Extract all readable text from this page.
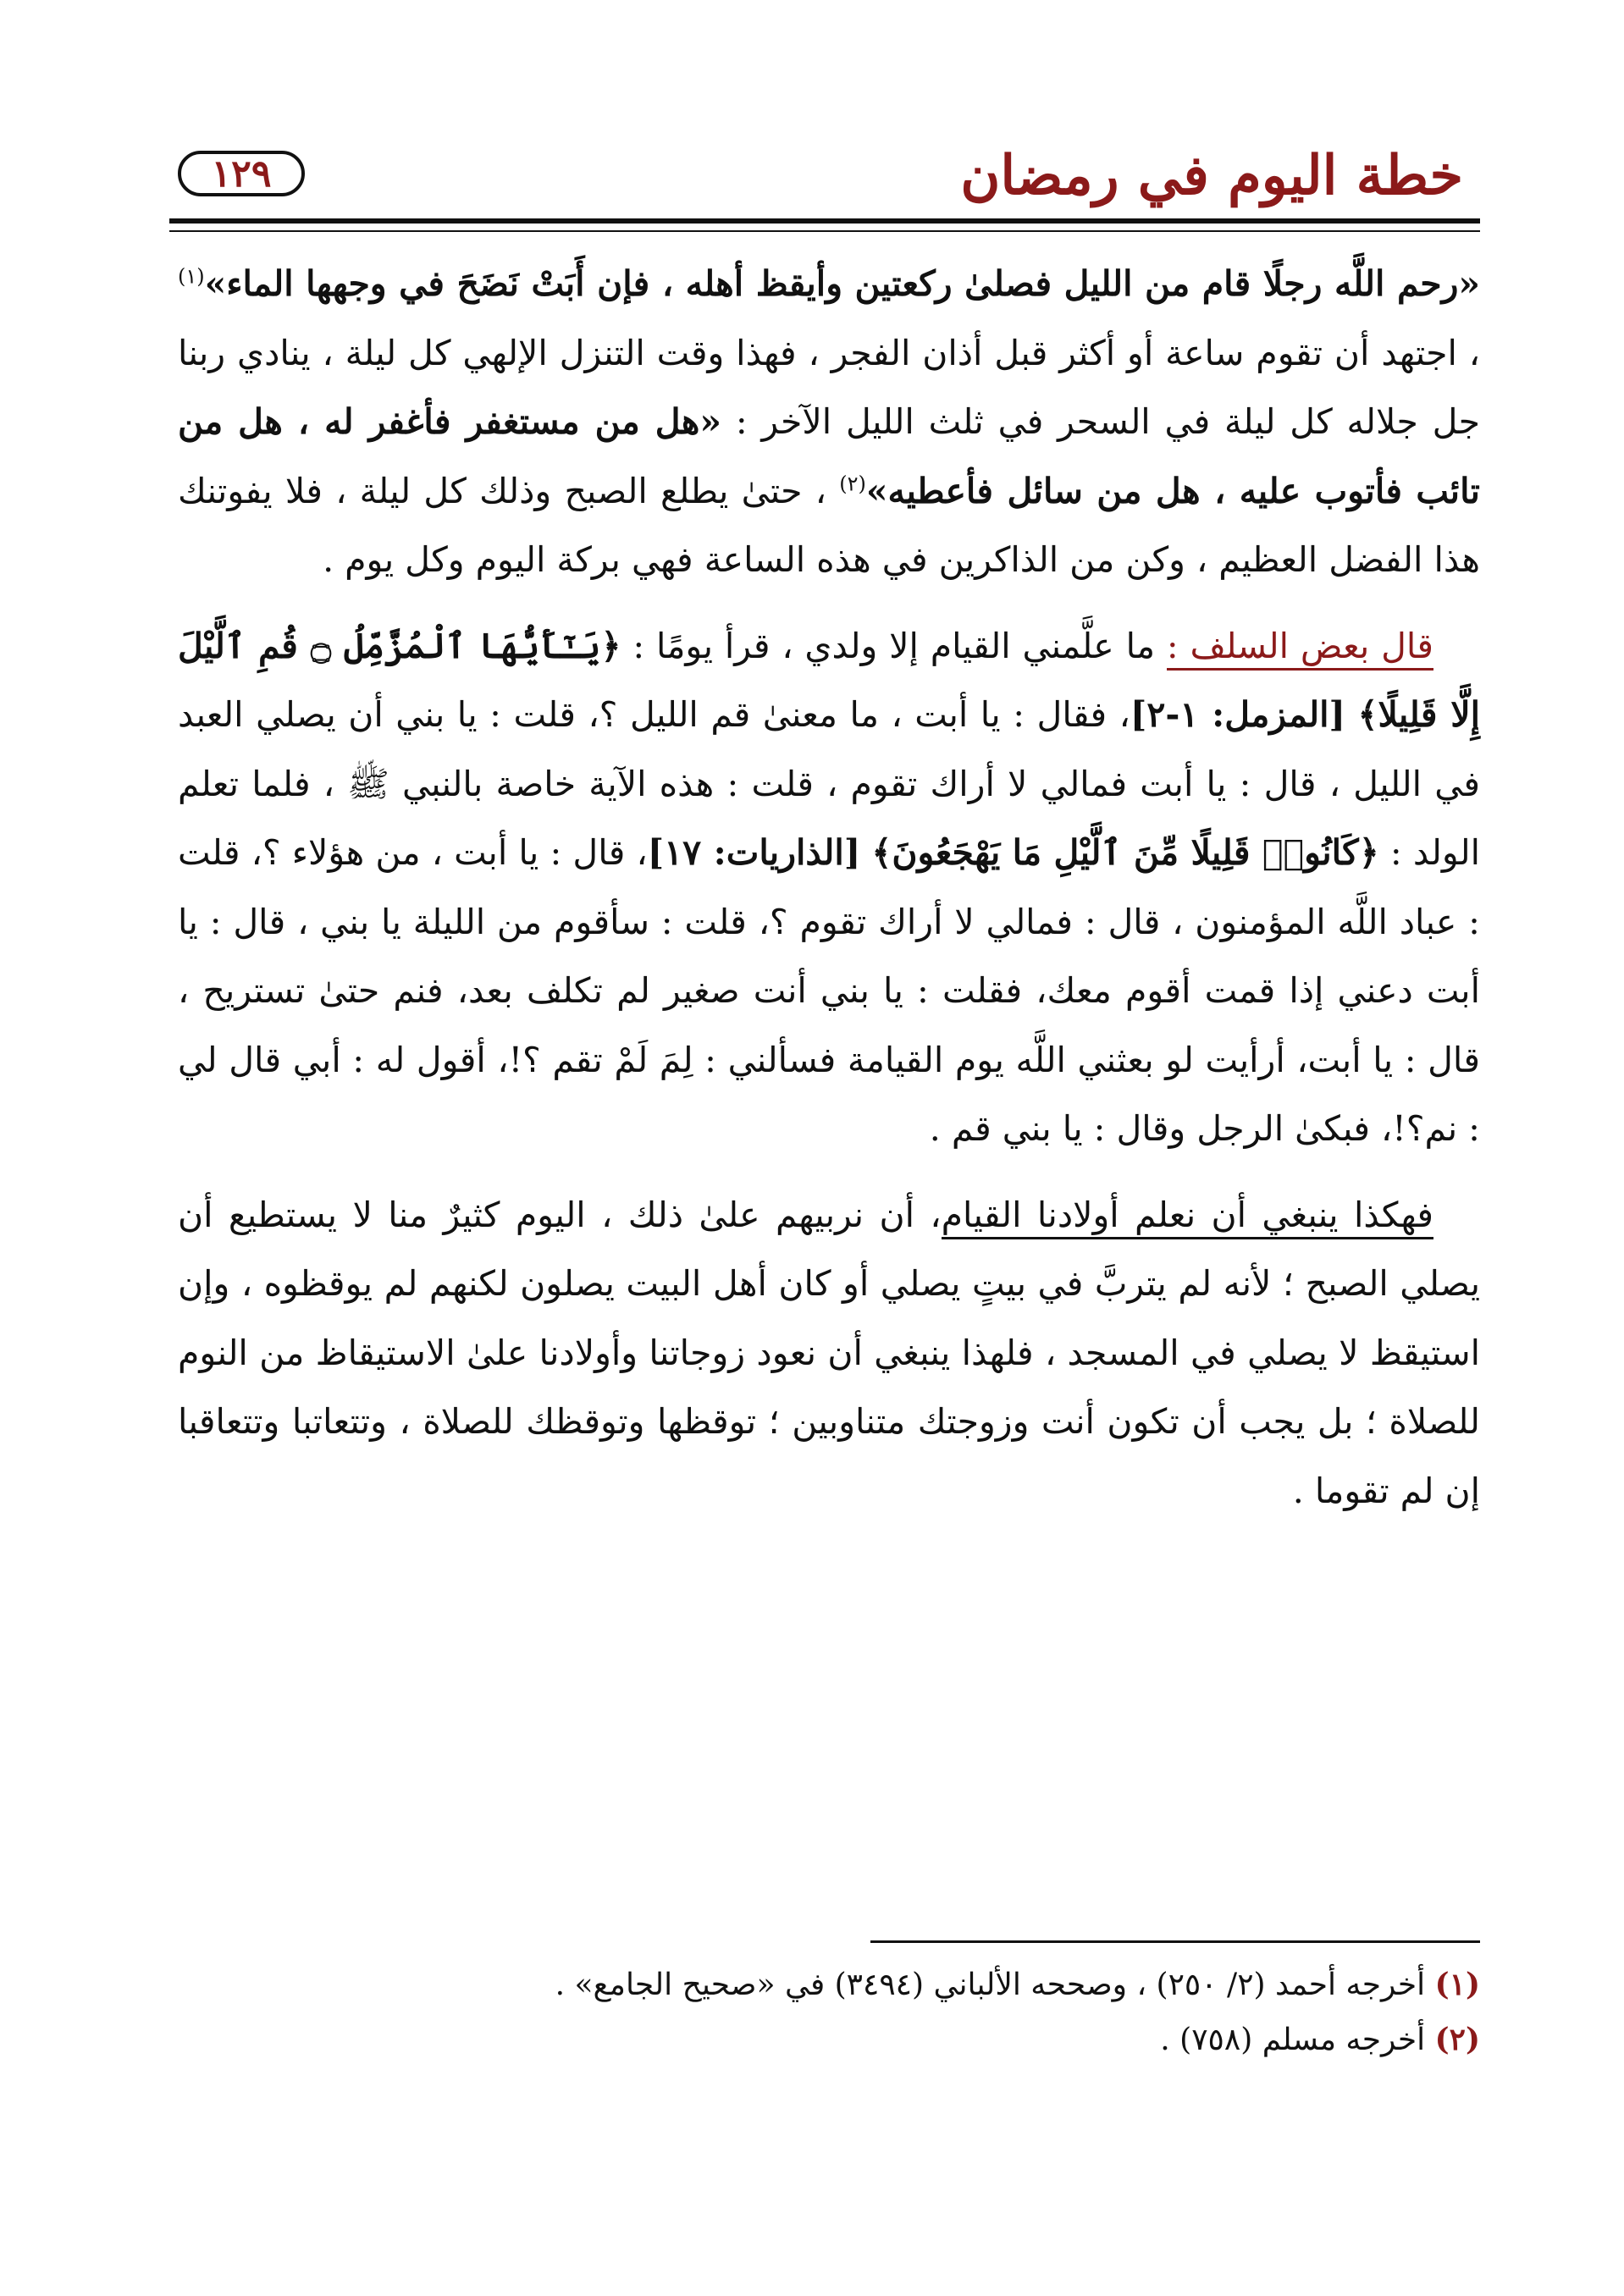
خطة اليوم في رمضان
١٢٩

«رحم اللَّه رجلًا قام من الليل فصلىٰ ركعتين وأيقظ أهله ، فإن أَبَتْ نَضَحَ في وجهها الماء»$^{(١)}$ ، اجتهد أن تقوم ساعة أو أكثر قبل أذان الفجر ، فهذا وقت التنزل الإلهي كل ليلة ، ينادي ربنا جل جلاله كل ليلة في السحر في ثلث الليل الآخر : «هل من مستغفر فأغفر له ، هل من تائب فأتوب عليه ، هل من سائل فأعطيه»$^{(٢)}$ ، حتىٰ يطلع الصبح وذلك كل ليلة ، فلا يفوتنك هذا الفضل العظيم ، وكن من الذاكرين في هذه الساعة فهي بركة اليوم وكل يوم .

قال بعض السلف : ما علَّمني القيام إلا ولدي ، قرأ يومًا : ﴿يَـٰٓأَيُّهَا ٱلْمُزَّمِّلُ ۝ قُمِ ٱلَّيْلَ إِلَّا قَلِيلًا﴾ [المزمل: ١-٢]، فقال : يا أبت ، ما معنىٰ قم الليل ؟، قلت : يا بني أن يصلي العبد في الليل ، قال : يا أبت فمالي لا أراك تقوم ، قلت : هذه الآية خاصة بالنبي ﷺ ، فلما تعلم الولد : ﴿كَانُوا۟ قَلِيلًا مِّنَ ٱلَّيْلِ مَا يَهْجَعُونَ﴾ [الذاريات: ١٧]، قال : يا أبت ، من هؤلاء ؟، قلت : عباد اللَّه المؤمنون ، قال : فمالي لا أراك تقوم ؟، قلت : سأقوم من الليلة يا بني ، قال : يا أبت دعني إذا قمت أقوم معك، فقلت : يا بني أنت صغير لم تكلف بعد، فنم حتىٰ تستريح ، قال : يا أبت، أرأيت لو بعثني اللَّه يوم القيامة فسألني : لِمَ لَمْ تقم ؟!، أقول له : أبي قال لي : نم؟!، فبكىٰ الرجل وقال : يا بني قم .

فهكذا ينبغي أن نعلم أولادنا القيام، أن نربيهم علىٰ ذلك ، اليوم كثيرٌ منا لا يستطيع أن يصلي الصبح ؛ لأنه لم يتربَّ في بيتٍ يصلي أو كان أهل البيت يصلون لكنهم لم يوقظوه ، وإن استيقظ لا يصلي في المسجد ، فلهذا ينبغي أن نعود زوجاتنا وأولادنا علىٰ الاستيقاظ من النوم للصلاة ؛ بل يجب أن تكون أنت وزوجتك متناوبين ؛ توقظها وتوقظك للصلاة ، وتتعاتبا وتتعاقبا إن لم تقوما .

(١) أخرجه أحمد (٢/ ٢٥٠) ، وصححه الألباني (٣٤٩٤) في «صحيح الجامع» .

(٢) أخرجه مسلم (٧٥٨) .
